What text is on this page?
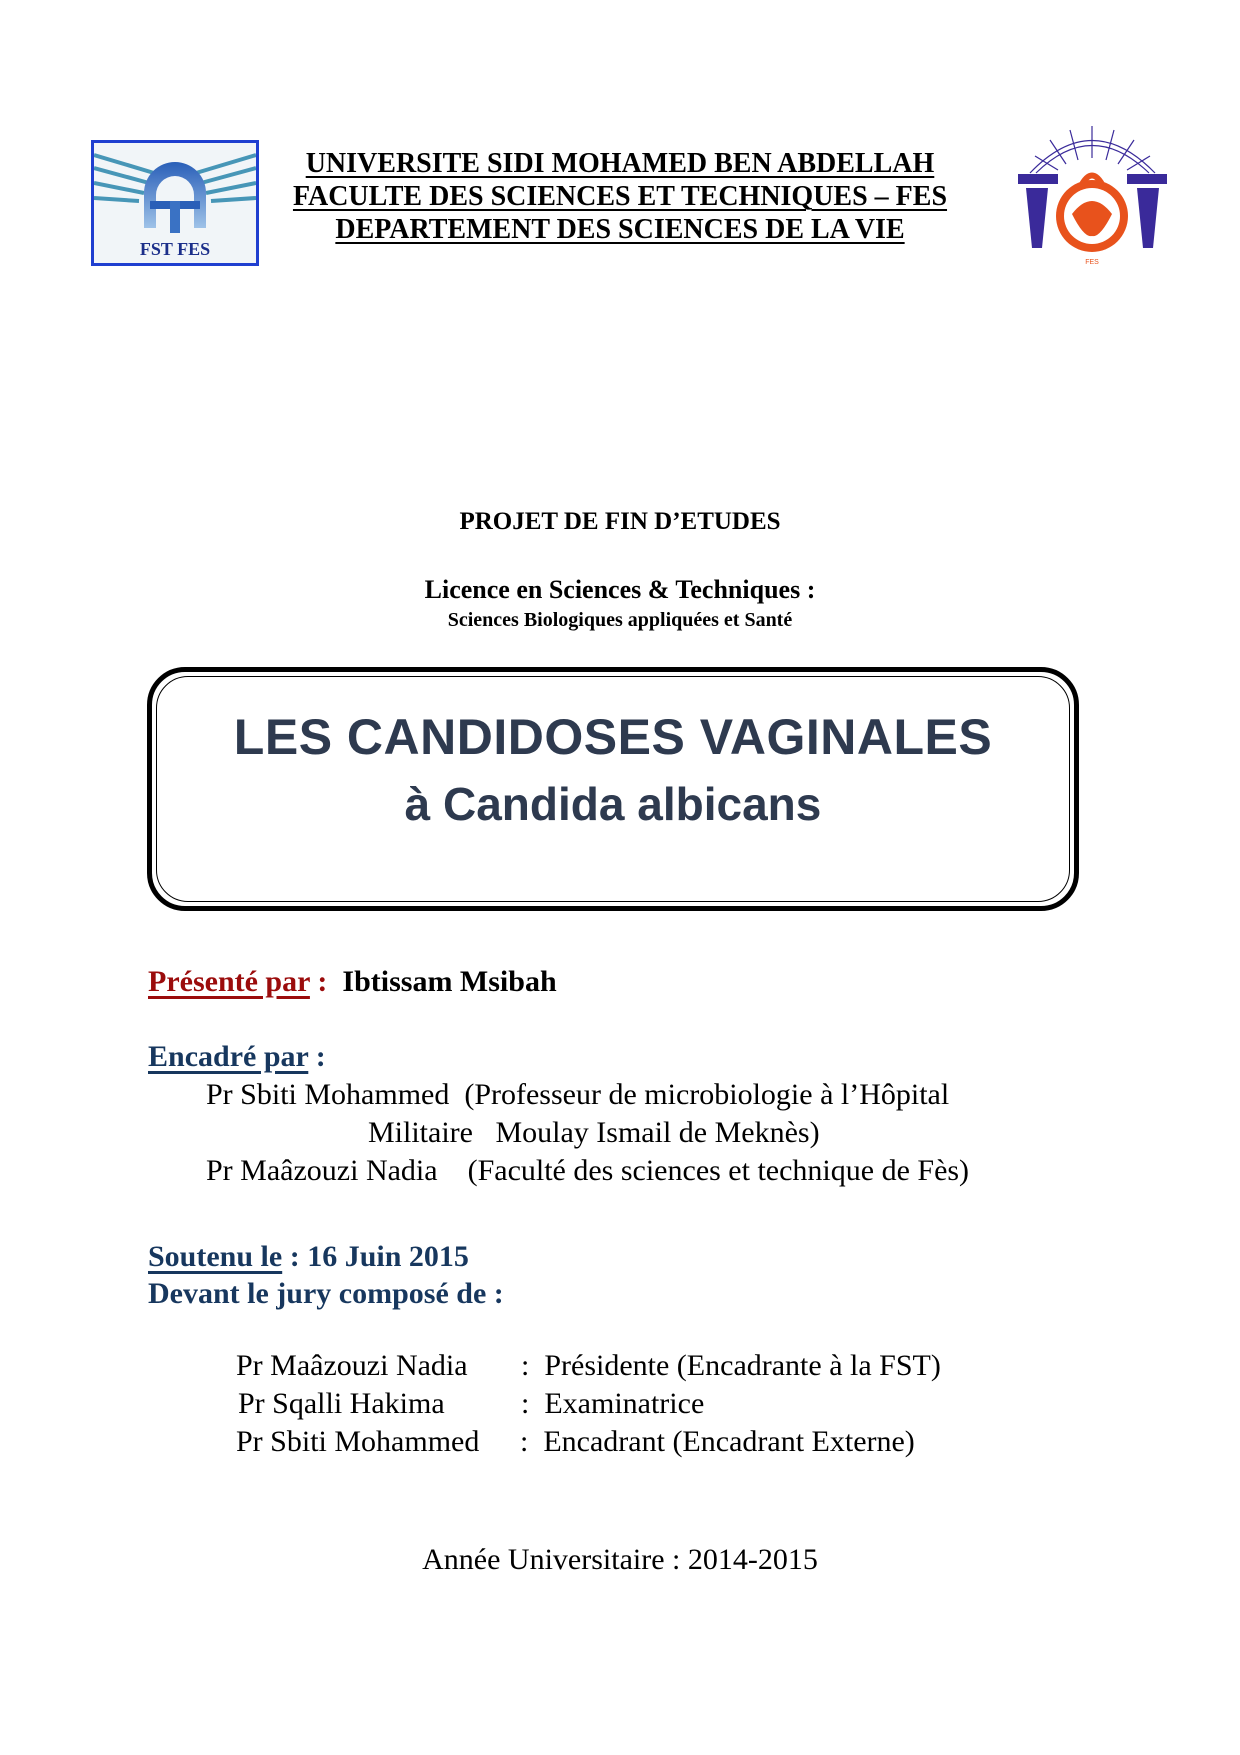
FST FES
UNIVERSITE SIDI MOHAMED BEN ABDELLAH
FACULTE DES SCIENCES ET TECHNIQUES – FES
DEPARTEMENT DES SCIENCES DE LA VIE
FES
PROJET DE FIN D’ETUDES
Licence en Sciences & Techniques :
Sciences Biologiques appliquées et Santé
LES CANDIDOSES VAGINALES
à Candida albicans
Présenté par : Ibtissam Msibah
Encadré par :
Pr Sbiti Mohammed  (Professeur de microbiologie à l’Hôpital
Militaire   Moulay Ismail de Meknès)
Pr Maâzouzi Nadia    (Faculté des sciences et technique de Fès)
Soutenu le : 16 Juin 2015
Devant le jury composé de :

Pr Maâzouzi Nadia :  Présidente (Encadrante à la FST)

Pr Sqalli Hakima	:  Examinatrice

Pr Sbiti Mohammed :  Encadrant (Encadrant Externe)

Année Universitaire : 2014-2015
